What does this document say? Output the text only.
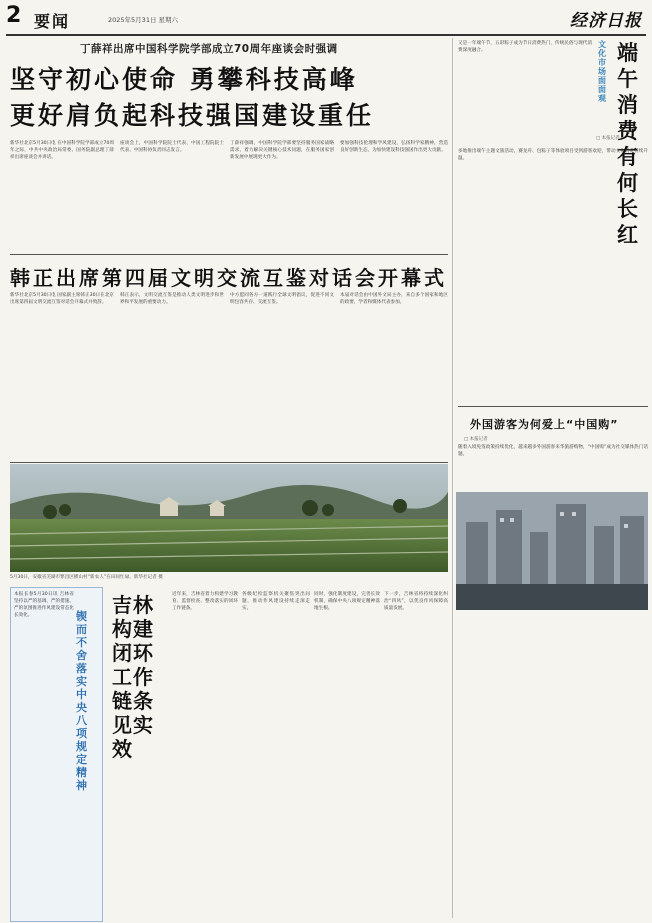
2 要闻	2025年5月31日 星期六	经济日报
丁薛祥出席中国科学院学部成立70周年座谈会时强调
坚守初心使命 勇攀科技高峰
更好肩负起科技强国建设重任
新华社北京5月30日电 在中国科学院学部成立70周年之际，中共中央政治局常委、国务院副总理丁薛祥出席座谈会并讲话。
座谈会上，中国科学院院士代表、中国工程院院士代表、中国科协负责同志发言。
丁薛祥强调，中国科学院学部要坚持服务国家战略需求，着力解决关键核心技术问题，在服务国家创新发展中展现更大作为。
要加强科技伦理和学风建设，弘扬科学家精神，营造良好创新生态，为加快建设科技强国作出更大贡献。
韩正出席第四届文明交流互鉴对话会开幕式
新华社北京5月30日电 国家副主席韩正30日在北京出席第四届文明交流互鉴对话会开幕式并致辞。
韩正表示，文明交流互鉴是推动人类文明进步和世界和平发展的重要动力。
中方愿同各方一道践行全球文明倡议，促进不同文明包容共存、交流互鉴。
本届对话会由中国外文局主办，来自多个国家和地区的政要、学者和媒体代表参加。
又是一年端午节，五彩粽子成为节日消费热门，传统民俗与现代消费深度融合。
文化市场面面观
端午消费有何长红
□ 本报记者
多地推出端午主题文旅活动，赛龙舟、包粽子等体验项目受到游客欢迎，带动文化消费持续升温。
外国游客为何爱上“中国购”
□ 本报记者
随着入境免签政策持续优化，越来越多外国游客来华旅游购物，“中国购”成为社交媒体热门话题。
5月30日，安徽省芜湖市繁昌区横山村“新农人”在田间忙碌。新华社记者 摄
本报长春5月30日讯 吉林省坚持以严的基调、严的措施、严的氛围推进作风建设常态化长效化。	锲而不舍落实中央八项规定精神
吉林构建闭环工作链条见实效
近年来，吉林省着力构建学习教育、监督检查、整改落实的闭环工作链条。
各级纪检监察机关聚焦突出问题，推动作风建设持续走深走实。
同时，强化制度建设，完善长效机制，确保中央八项规定精神落地生根。
下一步，吉林省将持续深化纠治“四风”，以优良作风保障高质量发展。
